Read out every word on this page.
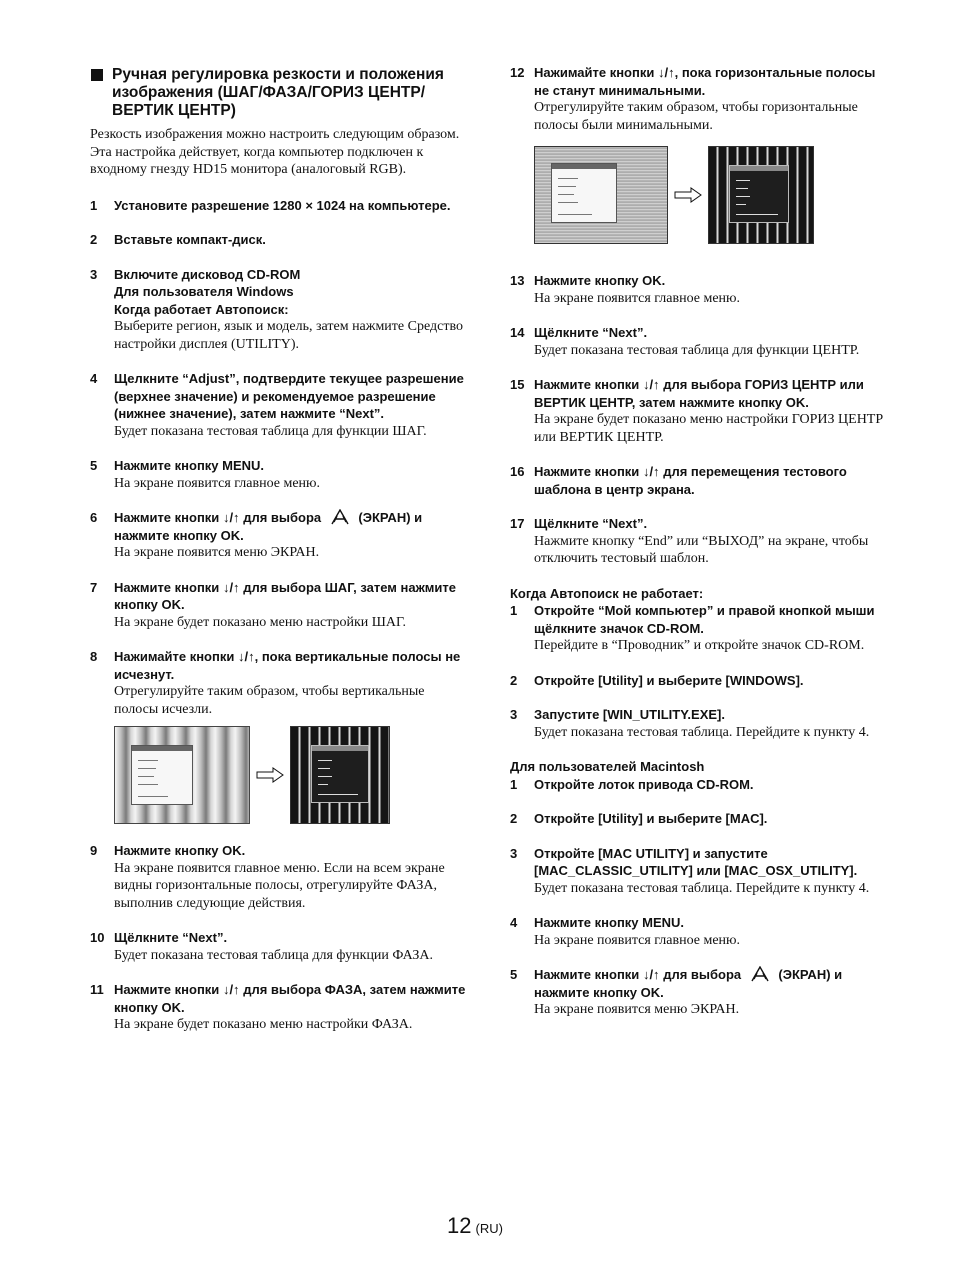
Ручная регулировка резкости и положения изображения (ШАГ/ФАЗА/ГОРИЗ ЦЕНТР/ВЕРТИК ЦЕНТР)
Резкость изображения можно настроить следующим образом. Эта настройка действует, когда компьютер подключен к входному гнезду HD15 монитора (аналоговый RGB).
1	Установите разрешение 1280 × 1024 на компьютере.
2	Вставьте компакт-диск.
3	Включите дисковод CD-ROM
Для пользователя Windows
Когда работает Автопоиск:
Выберите регион, язык и модель, затем нажмите Средство настройки дисплея (UTILITY).
4	Щелкните “Adjust”, подтвердите текущее разрешение (верхнее значение) и рекомендуемое разрешение (нижнее значение), затем нажмите “Next”.
Будет показана тестовая таблица для функции ШАГ.
5	Нажмите кнопку MENU.
На экране появится главное меню.
6	Нажмите кнопки ↓/↑ для выбора	(ЭКРАН) и нажмите кнопку OK.
На экране появится меню ЭКРАН.
7	Нажмите кнопки ↓/↑ для выбора ШАГ, затем нажмите кнопку OK.
На экране будет показано меню настройки ШАГ.
8	Нажимайте кнопки ↓/↑, пока вертикальные полосы не исчезнут.
Отрегулируйте таким образом, чтобы вертикальные полосы исчезли.
9	Нажмите кнопку OK.
На экране появится главное меню. Если на всем экране видны горизонтальные полосы, отрегулируйте ФАЗА, выполнив следующие действия.
10 Щёлкните “Next”.
Будет показана тестовая таблица для функции ФАЗА.
11 Нажмите кнопки ↓/↑ для выбора ФАЗА, затем нажмите кнопку OK.
На экране будет показано меню настройки ФАЗА.
12 Нажимайте кнопки ↓/↑, пока горизонтальные полосы не станут минимальными.
Отрегулируйте таким образом, чтобы горизонтальные полосы были минимальными.
13 Нажмите кнопку OK.
На экране появится главное меню.
14 Щёлкните “Next”.
Будет показана тестовая таблица для функции ЦЕНТР.
15 Нажмите кнопки ↓/↑ для выбора ГОРИЗ ЦЕНТР или ВЕРТИК ЦЕНТР, затем нажмите кнопку OK.
На экране будет показано меню настройки ГОРИЗ ЦЕНТР или ВЕРТИК ЦЕНТР.
16 Нажмите кнопки ↓/↑ для перемещения тестового шаблона в центр экрана.
17 Щёлкните “Next”.
Нажмите кнопку “End” или “ВЫХОД” на экране, чтобы отключить тестовый шаблон.
Когда Автопоиск не работает:
1	Откройте “Мой компьютер” и правой кнопкой мыши щёлкните значок CD-ROM.
Перейдите в “Проводник” и откройте значок CD-ROM.
2	Откройте [Utility] и выберите [WINDOWS].
3	Запустите [WIN_UTILITY.EXE].
Будет показана тестовая таблица. Перейдите к пункту 4.
Для пользователей Macintosh
1	Откройте лоток привода CD-ROM.
2	Откройте [Utility] и выберите [MAC].
3	Откройте [MAC UTILITY] и запустите [MAC_CLASSIC_UTILITY] или [MAC_OSX_UTILITY].
Будет показана тестовая таблица. Перейдите к пункту 4.
4	Нажмите кнопку MENU.
На экране появится главное меню.
5	Нажмите кнопки ↓/↑ для выбора	(ЭКРАН) и нажмите кнопку OK.
На экране появится меню ЭКРАН.
12 (RU)
